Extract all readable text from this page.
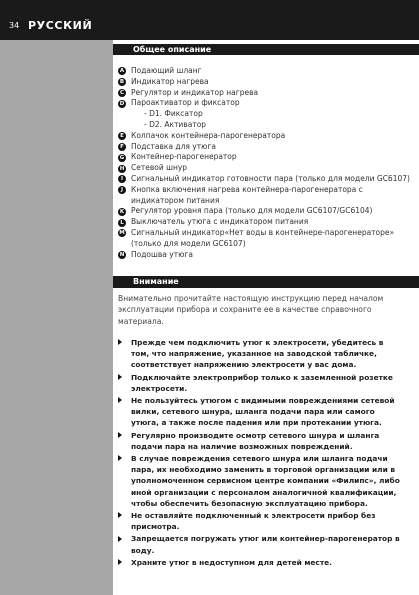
34 РУССКИЙ
Общее описание
A Подающий шланг
B Индикатор нагрева
C Регулятор и индикатор нагрева
D Пароактиватор и фиксатор
- D1. Фиксатор
- D2. Активатор
E Колпачок контейнера-парогенератора
F Подставка для утюга
G Контейнер-парогенератор
H Сетевой шнур
I	Сигнальный индикатор готовности пара (только для модели GC6107)
J	Кнопка включения нагрева контейнера-парогенератора с индикатором питания
K Регулятор уровня пара (только для модели GC6107/GC6104)
L Выключатель утюга с индикатором питания
M Сигнальный индикатор«Нет воды в контейнере-парогенераторе» (только для модели GC6107)
N Подошва утюга
Внимание
Внимательно прочитайте настоящую инструкцию перед началом эксплуатации прибора и сохраните ее в качестве справочного материала.
Прежде чем подключить утюг к электросети, убедитесь в том, что напряжение, указанное на заводской табличке, соответствует напряжению электросети у вас дома.
Подключайте электроприбор только к заземленной розетке электросети.
Не пользуйтесь утюгом с видимыми повреждениями сетевой вилки, сетевого шнура, шланга подачи пара или самого утюга, а также после падения или при протекании утюга.
Регулярно производите осмотр сетевого шнура и шланга подачи пара на наличие возможных повреждений.
В случае повреждения сетевого шнура или шланга подачи пара, их необходимо заменить в торговой организации или в уполномоченном сервисном центре компании «Филипс», либо иной организации с персоналом аналогичной квалификации, чтобы обеспечить безопасную эксплуатацию прибора.
Не оставляйте подключенный к электросети прибор без присмотра.
Запрещается погружать утюг или контейнер-парогенератор в воду.
Храните утюг в недоступном для детей месте.
